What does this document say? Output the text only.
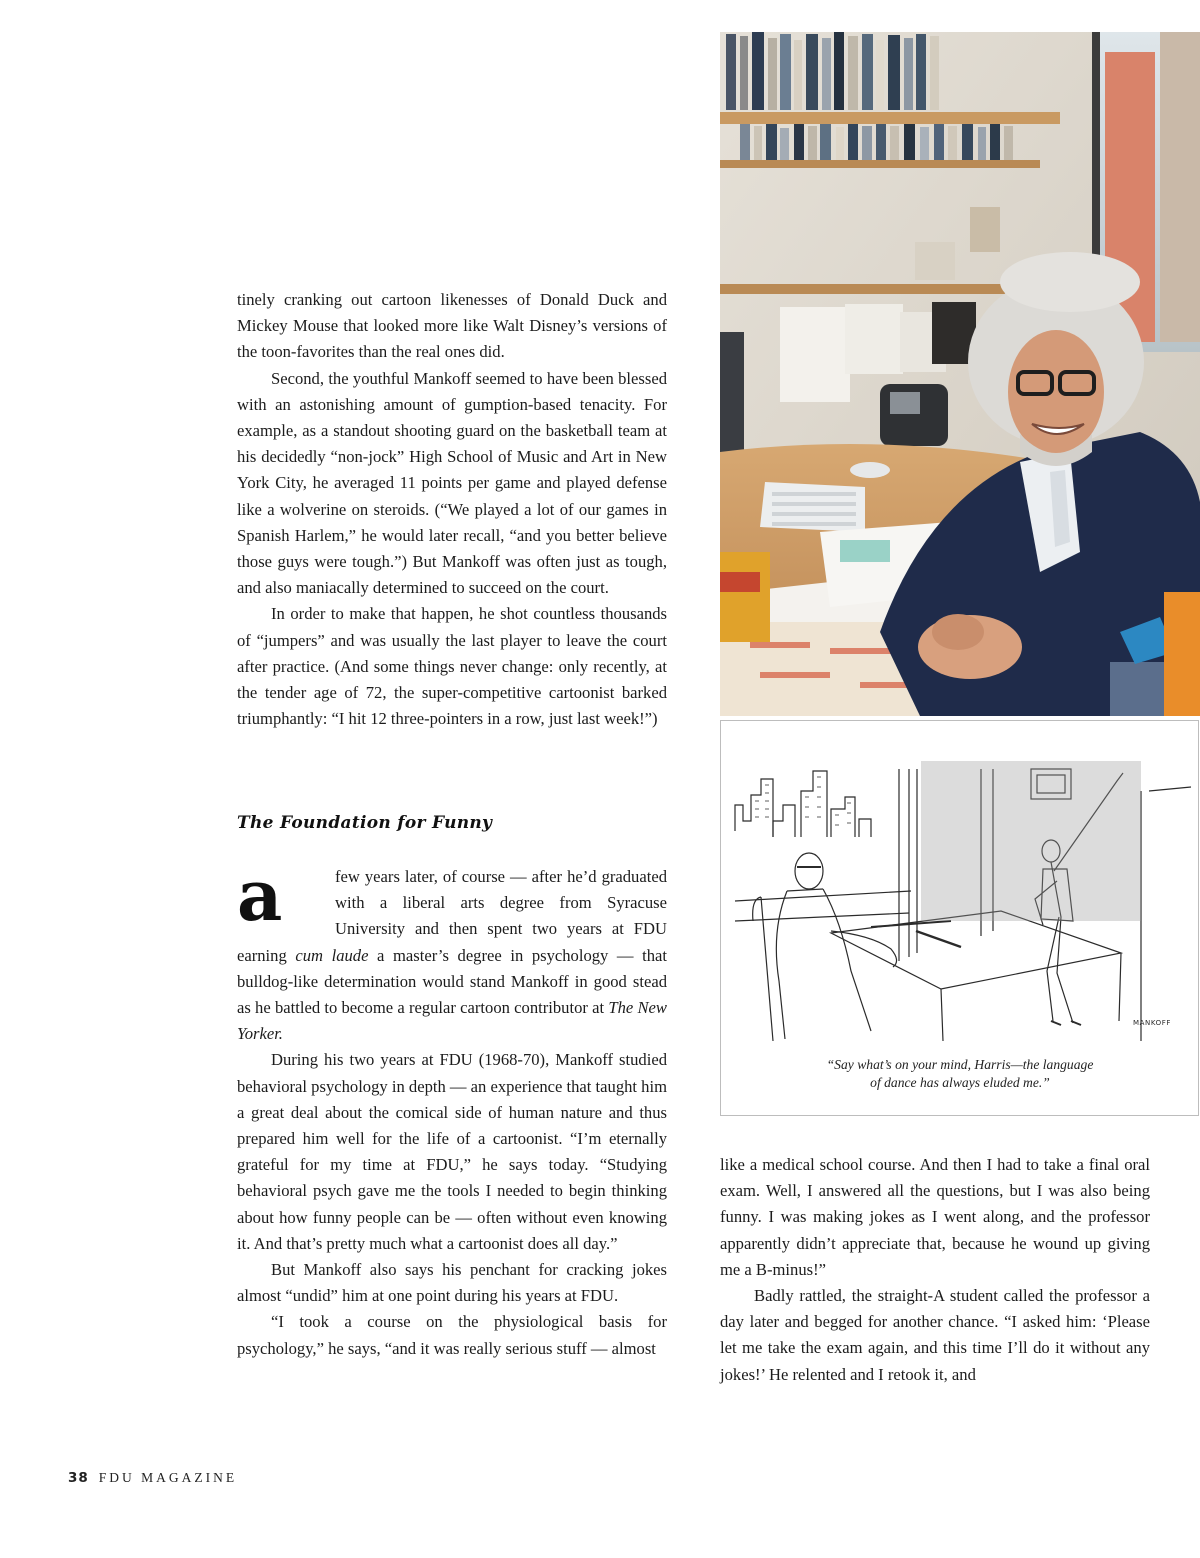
MANKOFF

“Say what’s on your mind, Harris—the language
of dance has always eluded me.”

tinely cranking out cartoon likenesses of Donald Duck and Mickey Mouse that looked more like Walt Disney’s versions of the toon-favorites than the real ones did.

Second, the youthful Mankoff seemed to have been blessed with an astonishing amount of gumption-based tenacity. For example, as a standout shooting guard on the basketball team at his decidedly “non-jock” High School of Music and Art in New York City, he averaged 11 points per game and played defense like a wolverine on steroids. (“We played a lot of our games in Spanish Harlem,” he would later recall, “and you better believe those guys were tough.”) But Mankoff was often just as tough, and also maniacally determined to succeed on the court.

In order to make that happen, he shot countless thousands of “jumpers” and was usually the last player to leave the court after practice. (And some things never change: only recently, at the tender age of 72, the super-competitive cartoonist barked triumphantly: “I hit 12 three-pointers in a row, just last week!”)

The Foundation for Funny

a	few years later, of course — after he’d graduated with a liberal arts degree from Syracuse University and then spent two years at FDU earning cum laude a master’s degree in psychology — that bulldog-like determination would stand Mankoff in good stead as he battled to become a regular cartoon contributor at The New Yorker.

During his two years at FDU (1968-70), Mankoff studied behavioral psychology in depth — an experience that taught him a great deal about the comical side of human nature and thus prepared him well for the life of a cartoonist. “I’m eternally grateful for my time at FDU,” he says today. “Studying behavioral psych gave me the tools I needed to begin thinking about how funny people can be — often without even knowing it. And that’s pretty much what a cartoonist does all day.”

But Mankoff also says his penchant for cracking jokes almost “undid” him at one point during his years at FDU.

“I took a course on the physiological basis for psychology,” he says, “and it was really serious stuff — almost

like a medical school course. And then I had to take a final oral exam. Well, I answered all the questions, but I was also being funny. I was making jokes as I went along, and the professor apparently didn’t appreciate that, because he wound up giving me a B-minus!”

Badly rattled, the straight-A student called the professor a day later and begged for another chance. “I asked him: ‘Please let me take the exam again, and this time I’ll do it without any jokes!’ He relented and I retook it, and

38 FDU MAGAZINE
